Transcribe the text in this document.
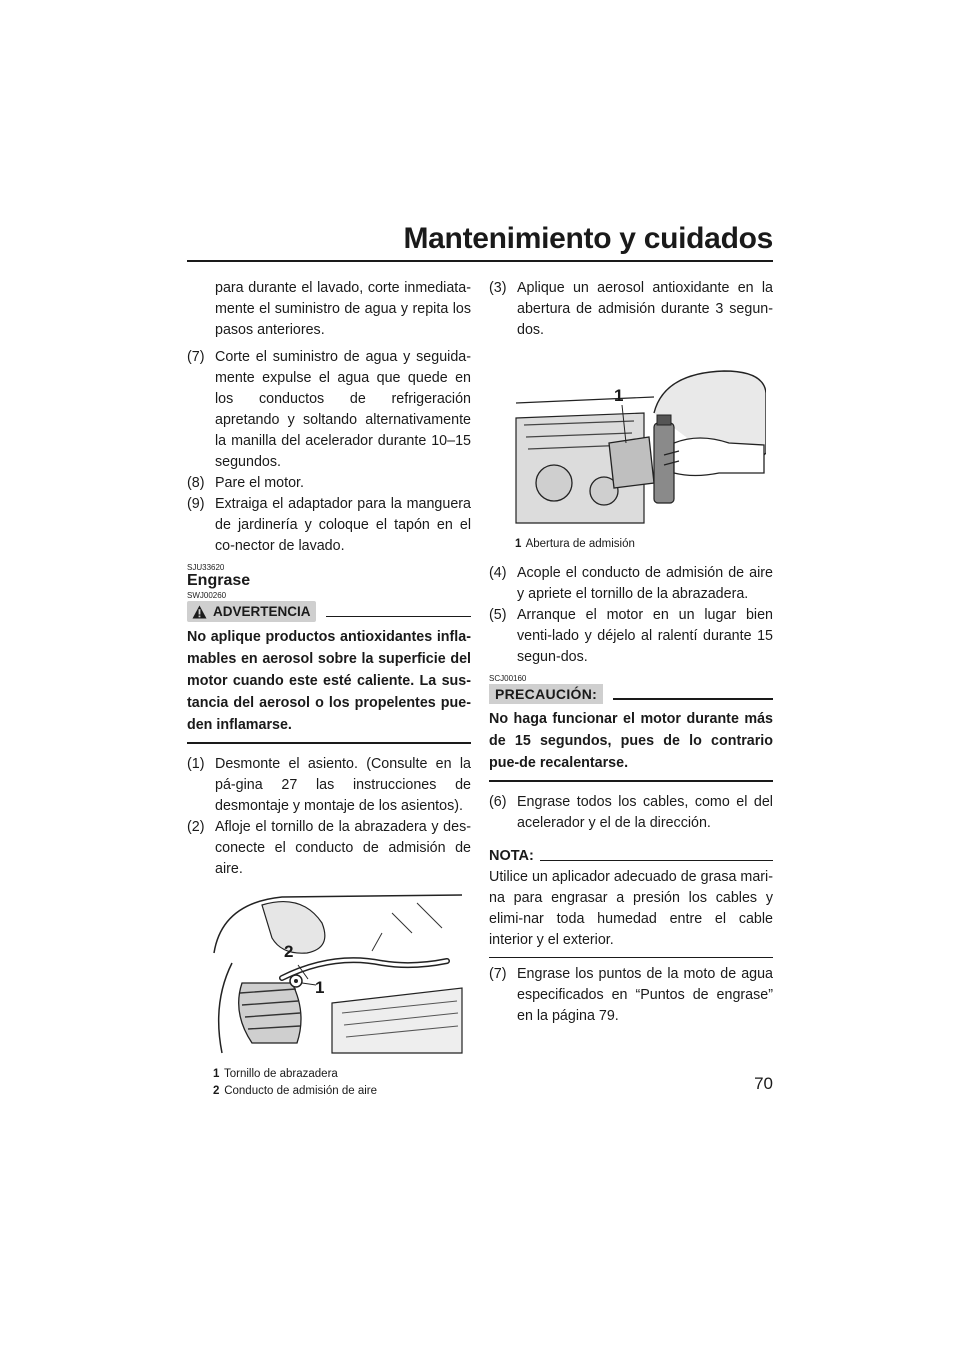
Mantenimiento y cuidados

para durante el lavado, corte inmediata-mente el suministro de agua y repita los pasos anteriores.

(7) Corte el suministro de agua y seguida-mente expulse el agua que quede en los conductos de refrigeración apretando y soltando alternativamente la manilla del acelerador durante 10–15 segundos.
(8) Pare el motor.
(9) Extraiga el adaptador para la manguera de jardinería y coloque el tapón en el co-nector de lavado.
SJU33620
Engrase
SWJ00260
ADVERTENCIA

No aplique productos antioxidantes infla-mables en aerosol sobre la superficie del motor cuando este esté caliente. La sus-tancia del aerosol o los propelentes pue-den inflamarse.

(1) Desmonte el asiento. (Consulte en la pá-gina 27 las instrucciones de desmontaje y montaje de los asientos).
(2) Afloje el tornillo de la abrazadera y des-conecte el conducto de admisión de aire.
2
1
1 Tornillo de abrazadera
2 Conducto de admisión de aire
(3) Aplique un aerosol antioxidante en la abertura de admisión durante 3 segun-dos.
1
1 Abertura de admisión
(4) Acople el conducto de admisión de aire y apriete el tornillo de la abrazadera.
(5) Arranque el motor en un lugar bien venti-lado y déjelo al ralentí durante 15 segun-dos.
SCJ00160
PRECAUCIÓN:

No haga funcionar el motor durante más de 15 segundos, pues de lo contrario pue-de recalentarse.

(6) Engrase todos los cables, como el del acelerador y el de la dirección.
NOTA:

Utilice un aplicador adecuado de grasa mari-na para engrasar a presión los cables y elimi-nar toda humedad entre el cable interior y el exterior.

(7) Engrase los puntos de la moto de agua especificados en “Puntos de engrase” en la página 79.
70
